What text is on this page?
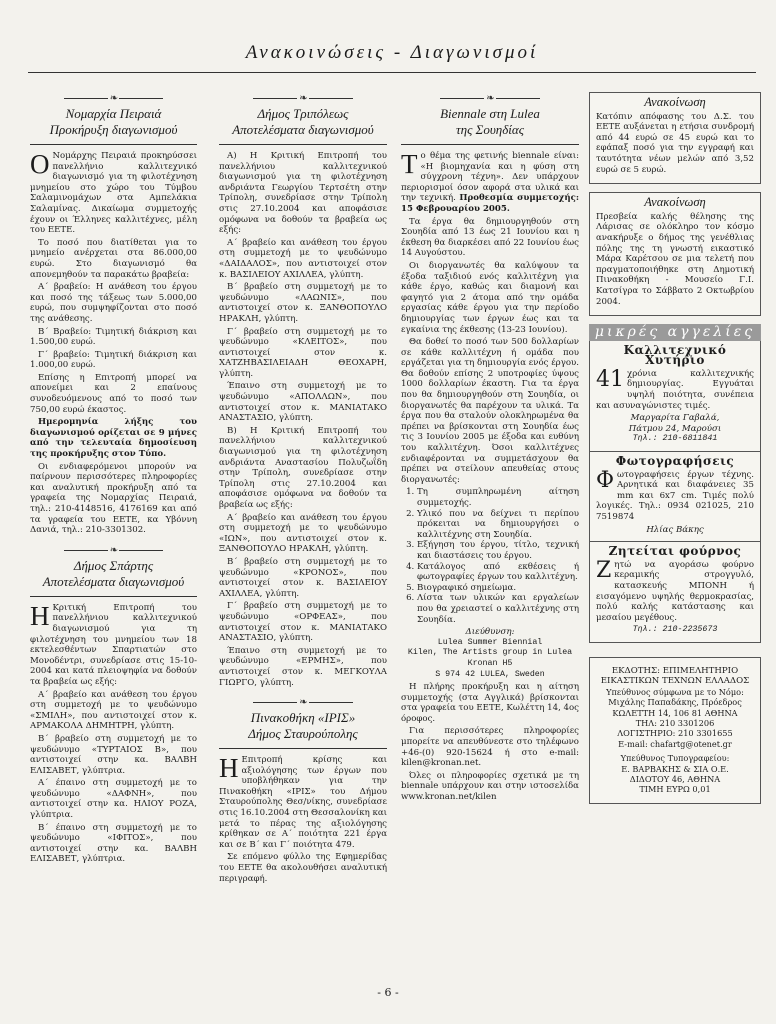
Ανακοινώσεις - Διαγωνισμοί
❧
Νομαρχία Πειραιά
Προκήρυξη διαγωνισμού

Ο Νομάρχης Πειραιά προκηρύσσει πανελλήνιο καλλιτεχνικό διαγωνισμό για τη φιλοτέχνηση μνημείου στο χώρο του Τύμβου Σαλαμινομάχων στα Αμπελάκια Σαλαμίνας. Δικαίωμα συμμετοχής έχουν οι Έλληνες καλλιτέχνες, μέλη του ΕΕΤΕ.

Το ποσό που διατίθεται για το μνημείο ανέρχεται στα 86.000,00 ευρώ. Στο διαγωνισμό θα απονεμηθούν τα παρακάτω βραβεία:

Α΄ βραβείο: Η ανάθεση του έργου και ποσό της τάξεως των 5.000,00 ευρώ, που συμψηφίζονται στο ποσό της ανάθεσης.

Β΄ Βραβείο: Τιμητική διάκριση και 1.500,00 ευρώ.

Γ΄ βραβείο: Τιμητική διάκριση και 1.000,00 ευρώ.

Επίσης η Επιτροπή μπορεί να απονείμει και 2 επαίνους συνοδευόμενους από το ποσό των 750,00 ευρώ έκαστος.

Ημερομηνία λήξης του διαγωνισμού ορίζεται σε 9 μήνες από την τελευταία δημοσίευση της προκήρυξης στον Τύπο.

Οι ενδιαφερόμενοι μπορούν να παίρνουν περισσότερες πληροφορίες και αναλυτική προκήρυξη από τα γραφεία της Νομαρχίας Πειραιά, τηλ.: 210-4148516, 4176169 και από τα γραφεία του ΕΕΤΕ, κα Υβόννη Δανιά, τηλ.: 210-3301302.

❧
Δήμος Σπάρτης
Αποτελέσματα διαγωνισμού

Η Κριτική Επιτροπή του πανελλήνιου καλλιτεχνικού διαγωνισμού για τη φιλοτέχνηση του μνημείου των 18 εκτελεσθέντων Σπαρτιατών στο Μονοδέντρι, συνεδρίασε στις 15-10-2004 και κατά πλειοψηφία να δοθούν τα βραβεία ως εξής:

Α΄ βραβείο και ανάθεση του έργου στη συμμετοχή με το ψευδώνυμο «ΣΜΙΛΗ», που αντιστοιχεί στον κ. ΑΡΜΑΚΟΛΑ ΔΗΜΗΤΡΗ, γλύπτη.

Β΄ βραβείο στη συμμετοχή με το ψευδώνυμο «ΤΥΡΤΑΙΟΣ Β», που αντιστοιχεί στην κα. ΒΑΛΒΗ ΕΛΙΣΑΒΕΤ, γλύπτρια.

Α΄ έπαινο στη συμμετοχή με το ψευδώνυμο «ΔΑΦΝΗ», που αντιστοιχεί στην κα. ΗΛΙΟΥ ΡΟΖΑ, γλύπτρια.

Β΄ έπαινο στη συμμετοχή με το ψευδώνυμο «ΙΦΙΤΟΣ», που αντιστοιχεί στην κα. ΒΑΛΒΗ ΕΛΙΣΑΒΕΤ, γλύπτρια.

❧
Δήμος Τριπόλεως
Αποτελέσματα διαγωνισμού

Α) Η Κριτική Επιτροπή του πανελλήνιου καλλιτεχνικού διαγωνισμού για τη φιλοτέχνηση ανδριάντα Γεωργίου Τερτσέτη στην Τρίπολη, συνεδρίασε στην Τρίπολη στις 27.10.2004 και αποφάσισε ομόφωνα να δοθούν τα βραβεία ως εξής:

Α΄ βραβείο και ανάθεση του έργου στη συμμετοχή με το ψευδώνυμο «ΔΑΙΔΑΛΟΣ», που αντιστοιχεί στον κ. ΒΑΣΙΛΕΙΟΥ ΑΧΙΛΛΕΑ, γλύπτη.

Β΄ βραβείο στη συμμετοχή με το ψευδώνυμο «ΛΑΩΝΙΣ», που αντιστοιχεί στον κ. ΞΑΝΘΟΠΟΥΛΟ ΗΡΑΚΛΗ, γλύπτη.

Γ΄ βραβείο στη συμμετοχή με το ψευδώνυμο «ΚΛΕΙΤΟΣ», που αντιστοιχεί στον κ. ΧΑΤΖΗΒΑΣΙΛΕΙΑΔΗ ΘΕΟΧΑΡΗ, γλύπτη.

Έπαινο στη συμμετοχή με το ψευδώνυμο «ΑΠΟΛΛΩΝ», που αντιστοιχεί στον κ. ΜΑΝΙΑΤΑΚΟ ΑΝΑΣΤΑΣΙΟ, γλύπτη.

Β) Η Κριτική Επιτροπή του πανελλήνιου καλλιτεχνικού διαγωνισμού για τη φιλοτέχνηση ανδριάντα Αναστασίου Πολυζωΐδη στην Τρίπολη, συνεδρίασε στην Τρίπολη στις 27.10.2004 και αποφάσισε ομόφωνα να δοθούν τα βραβεία ως εξής:

Α΄ βραβείο και ανάθεση του έργου στη συμμετοχή με το ψευδώνυμο «ΙΩΝ», που αντιστοιχεί στον κ. ΞΑΝΘΟΠΟΥΛΟ ΗΡΑΚΛΗ, γλύπτη.

Β΄ βραβείο στη συμμετοχή με το ψευδώνυμο «ΚΡΟΝΟΣ», που αντιστοιχεί στον κ. ΒΑΣΙΛΕΙΟΥ ΑΧΙΛΛΕΑ, γλύπτη.

Γ΄ βραβείο στη συμμετοχή με το ψευδώνυμο «ΟΡΦΕΑΣ», που αντιστοιχεί στον κ. ΜΑΝΙΑΤΑΚΟ ΑΝΑΣΤΑΣΙΟ, γλύπτη.

Έπαινο στη συμμετοχή με το ψευδώνυμο «ΕΡΜΗΣ», που αντιστοιχεί στον κ. ΜΕΓΚΟΥΛΑ ΓΙΩΡΓΟ, γλύπτη.

❧
Πινακοθήκη «ΙΡΙΣ»
Δήμος Σταυρούπολης

Η Επιτροπή κρίσης και αξιολόγησης των έργων που υποβλήθηκαν για την Πινακοθήκη «ΙΡΙΣ» του Δήμου Σταυρούπολης Θεσ/νίκης, συνεδρίασε στις 16.10.2004 στη Θεσσαλονίκη και μετά το πέρας της αξιολόγησης κρίθηκαν σε Α΄ ποιότητα 221 έργα και σε Β΄ και Γ΄ ποιότητα 479.

Σε επόμενο φύλλο της Εφημερίδας του ΕΕΤΕ θα ακολουθήσει αναλυτική περιγραφή.

❧
Biennale στη Lulea
της Σουηδίας

Το θέμα της φετινής biennale είναι: «Η βιομηχανία και η φύση στη σύγχρονη τέχνη». Δεν υπάρχουν περιορισμοί όσον αφορά στα υλικά και την τεχνική. Προθεσμία συμμετοχής: 15 Φεβρουαρίου 2005.

Τα έργα θα δημιουργηθούν στη Σουηδία από 13 έως 21 Ιουνίου και η έκθεση θα διαρκέσει από 22 Ιουνίου έως 14 Αυγούστου.

Οι διοργανωτές θα καλύψουν τα έξοδα ταξιδιού ενός καλλιτέχνη για κάθε έργο, καθώς και διαμονή και φαγητό για 2 άτομα από την ομάδα εργασίας κάθε έργου για την περίοδο δημιουργίας των έργων έως και τα εγκαίνια της έκθεσης (13-23 Ιουνίου).

Θα δοθεί το ποσό των 500 δολλαρίων σε κάθε καλλιτέχνη ή ομάδα που εργάζεται για τη δημιουργία ενός έργου. Θα δοθούν επίσης 2 υποτροφίες ύψους 1000 δολλαρίων έκαστη. Για τα έργα που θα δημιουργηθούν στη Σουηδία, οι διοργανωτές θα παρέχουν τα υλικά. Τα έργα που θα σταλούν ολοκληρωμένα θα πρέπει να βρίσκονται στη Σουηδία έως τις 3 Ιουνίου 2005 με έξοδα και ευθύνη του καλλιτέχνη. Όσοι καλλιτέχνες ενδιαφέρονται να συμμετάσχουν θα πρέπει να στείλουν απευθείας στους διοργανωτές:

1. Τη συμπληρωμένη αίτηση συμμετοχής.
2. Υλικό που να δείχνει τι περίπου πρόκειται να δημιουργήσει ο καλλιτέχνης στη Σουηδία.
3. Εξήγηση του έργου, τίτλο, τεχνική και διαστάσεις του έργου.
4. Κατάλογος από εκθέσεις ή φωτογραφίες έργων του καλλιτέχνη.
5. Βιογραφικό σημείωμα.
6. Λίστα των υλικών και εργαλείων που θα χρειαστεί ο καλλιτέχνης στη Σουηδία.
Διεύθυνση:
Lulea Summer Biennial
Kilen, The Artists group in Lulea
Kronan H5
S 974 42 LULEA, Sweden

Η πλήρης προκήρυξη και η αίτηση συμμετοχής (στα Αγγλικά) βρίσκονται στα γραφεία του ΕΕΤΕ, Κωλέττη 14, 4ος όροφος.

Για περισσότερες πληροφορίες μπορείτε να απευθύνεστε στο τηλέφωνο +46-(0) 920-15624 ή στο e-mail: kilen@kronan.net.

Όλες οι πληροφορίες σχετικά με τη biennale υπάρχουν και στην ιστοσελίδα www.kronan.net/kilen

Ανακοίνωση

Κατόπιν απόφασης του Δ.Σ. του ΕΕΤΕ αυξάνεται η ετήσια συνδρομή από 44 ευρώ σε 45 ευρώ και το εφάπαξ ποσό για την εγγραφή και ταυτότητα νέων μελών από 3,52 ευρώ σε 5 ευρώ.

Ανακοίνωση

Πρεσβεία καλής θέλησης της Λάρισας σε ολόκληρο τον κόσμο ανακήρυξε ο δήμος της γενέθλιας πόλης της τη γνωστή εικαστικό Μάρα Καρέτσου σε μια τελετή που πραγματοποιήθηκε στη Δημοτική Πινακοθήκη - Μουσείο Γ.Ι. Κατσίγρα το Σάββατο 2 Οκτωβρίου 2004.

μικρές αγγελίες
Καλλιτεχνικό Χυτήριο

41 χρόνια καλλιτεχνικής δημιουργίας. Εγγυάται υψηλή ποιότητα, συνέπεια και ασυναγώνιστες τιμές.

Μαργαρίτα Γαβαλά,
Πάτμου 24, Μαρούσι
Τηλ.: 210-6811841
Φωτογραφήσεις

Φωτογραφήσεις έργων τέχνης. Αρνητικά και διαφάνειες 35 mm και 6x7 cm. Τιμές πολύ λογικές. Τηλ.: 0934 021025, 210 7519874

Ηλίας Βάκης
Ζητείται φούρνος

Ζητώ να αγοράσω φούρνο κεραμικής στρογγυλό, κατασκευής ΜΠΟΝΗ ή εισαγόμενο υψηλής θερμοκρασίας, πολύ καλής κατάστασης και μεσαίου μεγέθους.

Τηλ.: 210-2235673
ΕΚΔΟΤΗΣ: ΕΠΙΜΕΛΗΤΗΡΙΟ
ΕΙΚΑΣΤΙΚΩΝ ΤΕΧΝΩΝ ΕΛΛΑΔΟΣ
Υπεύθυνος σύμφωνα με το Νόμο:
Μιχάλης Παπαδάκης, Πρόεδρος
ΚΩΛΕΤΤΗ 14, 106 81 ΑΘΗΝΑ
ΤΗΛ: 210 3301206
ΛΟΓΙΣΤΗΡΙΟ: 210 3301655
E-mail: chafartg@otenet.gr
Υπεύθυνος Τυπογραφείου:
Ε. ΒΑΡΒΑΚΗΣ & ΣΙΑ Ο.Ε.
ΔΙΔΟΤΟΥ 46, ΑΘΗΝΑ
ΤΙΜΗ ΕΥΡΩ 0,01
- 6 -
